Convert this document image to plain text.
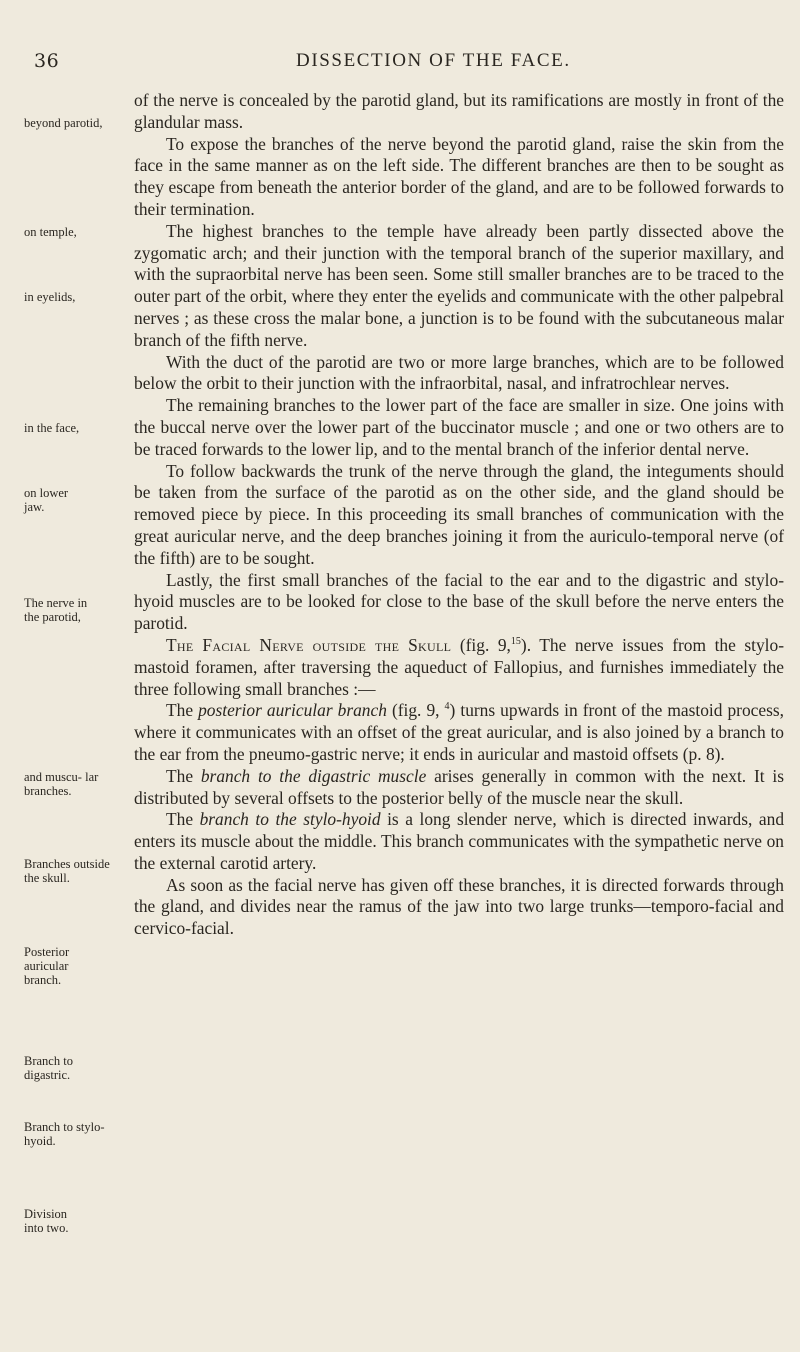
36	DISSECTION OF THE FACE.
beyond parotid,
on temple,
in eyelids,
in the face,
on lower jaw.
The nerve in the parotid,
and muscu- lar branches.
Branches outside the skull.
Posterior auricular branch.
Branch to digastric.
Branch to stylo-hyoid.
Division into two.

of the nerve is concealed by the parotid gland, but its ramifications are mostly in front of the glandular mass.

To expose the branches of the nerve beyond the parotid gland, raise the skin from the face in the same manner as on the left side. The different branches are then to be sought as they escape from beneath the anterior border of the gland, and are to be followed forwards to their termination.

The highest branches to the temple have already been partly dissected above the zygomatic arch; and their junction with the temporal branch of the superior maxillary, and with the supraorbital nerve has been seen. Some still smaller branches are to be traced to the outer part of the orbit, where they enter the eyelids and communicate with the other palpebral nerves ; as these cross the malar bone, a junction is to be found with the subcutaneous malar branch of the fifth nerve.

With the duct of the parotid are two or more large branches, which are to be followed below the orbit to their junction with the infraorbital, nasal, and infratrochlear nerves.

The remaining branches to the lower part of the face are smaller in size. One joins with the buccal nerve over the lower part of the buccinator muscle ; and one or two others are to be traced forwards to the lower lip, and to the mental branch of the inferior dental nerve.

To follow backwards the trunk of the nerve through the gland, the integuments should be taken from the surface of the parotid as on the other side, and the gland should be removed piece by piece. In this proceeding its small branches of communication with the great auricular nerve, and the deep branches joining it from the auriculo-temporal nerve (of the fifth) are to be sought.

Lastly, the first small branches of the facial to the ear and to the digastric and stylo-hyoid muscles are to be looked for close to the base of the skull before the nerve enters the parotid.

The Facial Nerve outside the Skull (fig. 9,15). The nerve issues from the stylo-mastoid foramen, after traversing the aqueduct of Fallopius, and furnishes immediately the three following small branches :—

The posterior auricular branch (fig. 9, $^4$) turns upwards in front of the mastoid process, where it communicates with an offset of the great auricular, and is also joined by a branch to the ear from the pneumo-gastric nerve; it ends in auricular and mastoid offsets (p. 8).

The branch to the digastric muscle arises generally in common with the next. It is distributed by several offsets to the posterior belly of the muscle near the skull.

The branch to the stylo-hyoid is a long slender nerve, which is directed inwards, and enters its muscle about the middle. This branch communicates with the sympathetic nerve on the external carotid artery.

As soon as the facial nerve has given off these branches, it is directed forwards through the gland, and divides near the ramus of the jaw into two large trunks—temporo-facial and cervico-facial.
